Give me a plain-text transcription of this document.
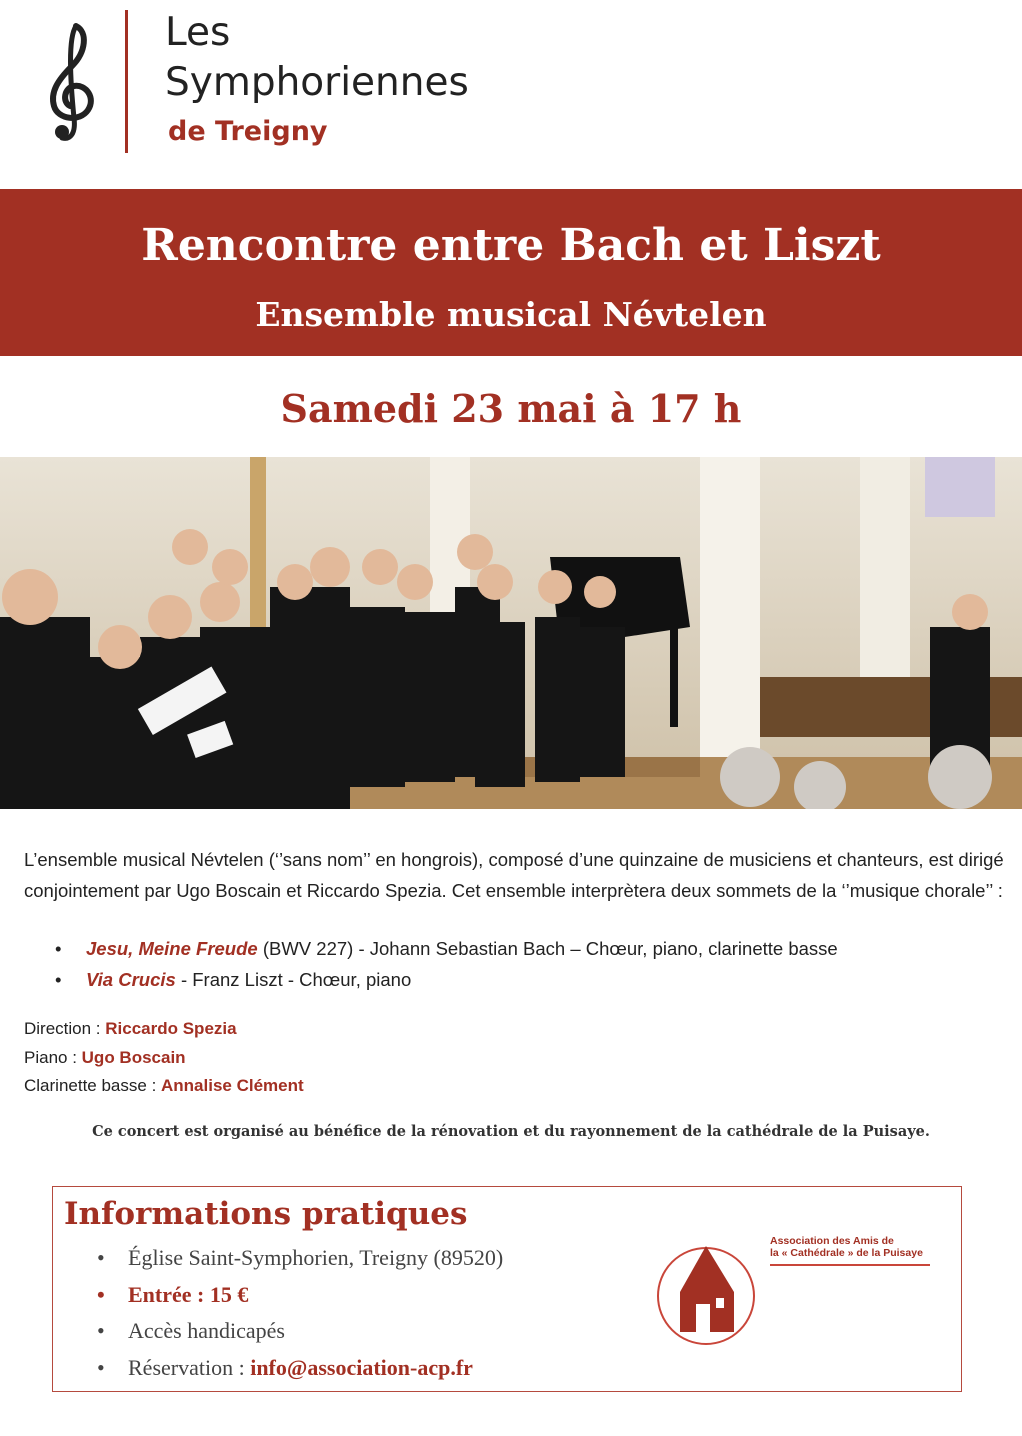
Les
Symphoriennes
de Treigny
Rencontre entre Bach et Liszt
Ensemble musical Névtelen
Samedi 23 mai à 17 h
L’ensemble musical Névtelen (‘’sans nom’’ en hongrois), composé d’une quinzaine de musiciens et chanteurs, est dirigé conjointement par Ugo Boscain et Riccardo Spezia. Cet ensemble interprètera deux sommets de la ‘’musique chorale’’ :
• Jesu, Meine Freude (BWV 227) - Johann Sebastian Bach – Chœur, piano, clarinette basse
• Via Crucis - Franz Liszt - Chœur, piano
Direction : Riccardo Spezia
Piano : Ugo Boscain
Clarinette basse : Annalise Clément
Ce concert est organisé au bénéfice de la rénovation et du rayonnement de la cathédrale de la Puisaye.
Informations pratiques
• Église Saint-Symphorien, Treigny (89520)
• Entrée : 15 €
• Accès handicapés
• Réservation : info@association-acp.fr
Association des Amis de
la « Cathédrale » de la Puisaye
